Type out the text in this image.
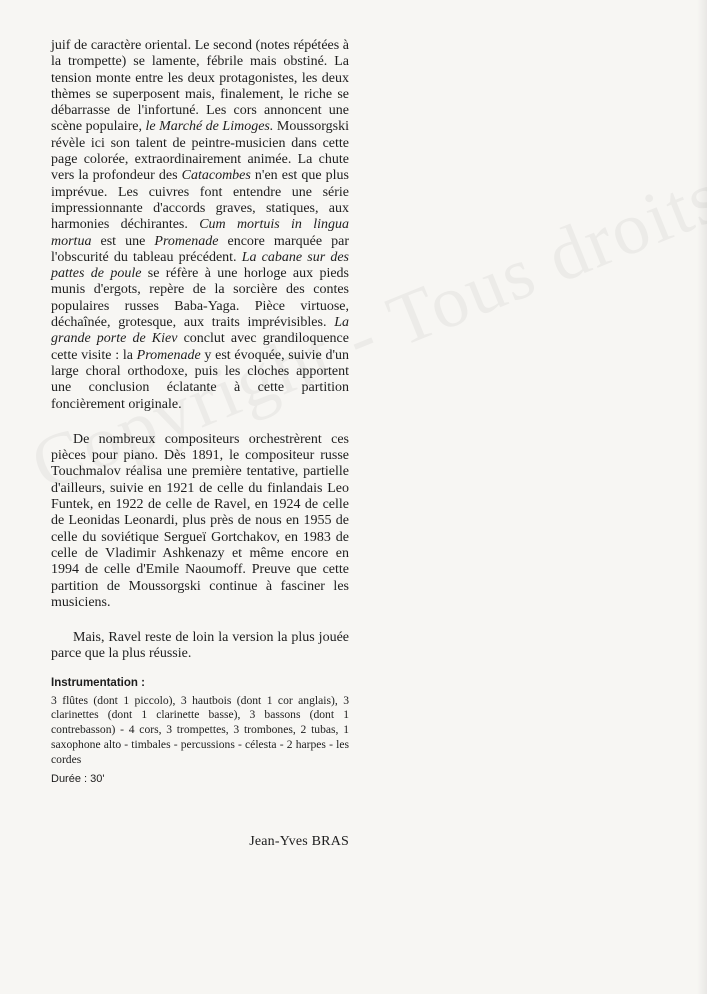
juif de caractère oriental. Le second (notes répétées à la trompette) se lamente, fébrile mais obstiné. La tension monte entre les deux protagonistes, les deux thèmes se superposent mais, finalement, le riche se débarrasse de l'infortuné. Les cors annoncent une scène populaire, le Marché de Limoges. Moussorgski révèle ici son talent de peintre-musicien dans cette page colorée, extraordinairement animée. La chute vers la profondeur des Catacombes n'en est que plus imprévue. Les cuivres font entendre une série impressionnante d'accords graves, statiques, aux harmonies déchirantes. Cum mortuis in lingua mortua est une Promenade encore marquée par l'obscurité du tableau précédent. La cabane sur des pattes de poule se réfère à une horloge aux pieds munis d'ergots, repère de la sorcière des contes populaires russes Baba-Yaga. Pièce virtuose, déchaînée, grotesque, aux traits imprévisibles. La grande porte de Kiev conclut avec grandiloquence cette visite : la Promenade y est évoquée, suivie d'un large choral orthodoxe, puis les cloches apportent une conclusion éclatante à cette partition foncièrement originale.

De nombreux compositeurs orchestrèrent ces pièces pour piano. Dès 1891, le compositeur russe Touchmalov réalisa une première tentative, partielle d'ailleurs, suivie en 1921 de celle du finlandais Leo Funtek, en 1922 de celle de Ravel, en 1924 de celle de Leonidas Leonardi, plus près de nous en 1955 de celle du soviétique Sergueï Gortchakov, en 1983 de celle de Vladimir Ashkenazy et même encore en 1994 de celle d'Emile Naoumoff. Preuve que cette partition de Moussorgski continue à fasciner les musiciens.

Mais, Ravel reste de loin la version la plus jouée parce que la plus réussie.

Instrumentation :

3 flûtes (dont 1 piccolo), 3 hautbois (dont 1 cor anglais), 3 clarinettes (dont 1 clarinette basse), 3 bassons (dont 1 contrebasson) - 4 cors, 3 trompettes, 3 trombones, 2 tubas, 1 saxophone alto - timbales - percussions - célesta - 2 harpes - les cordes

Durée : 30'

Jean-Yves BRAS
